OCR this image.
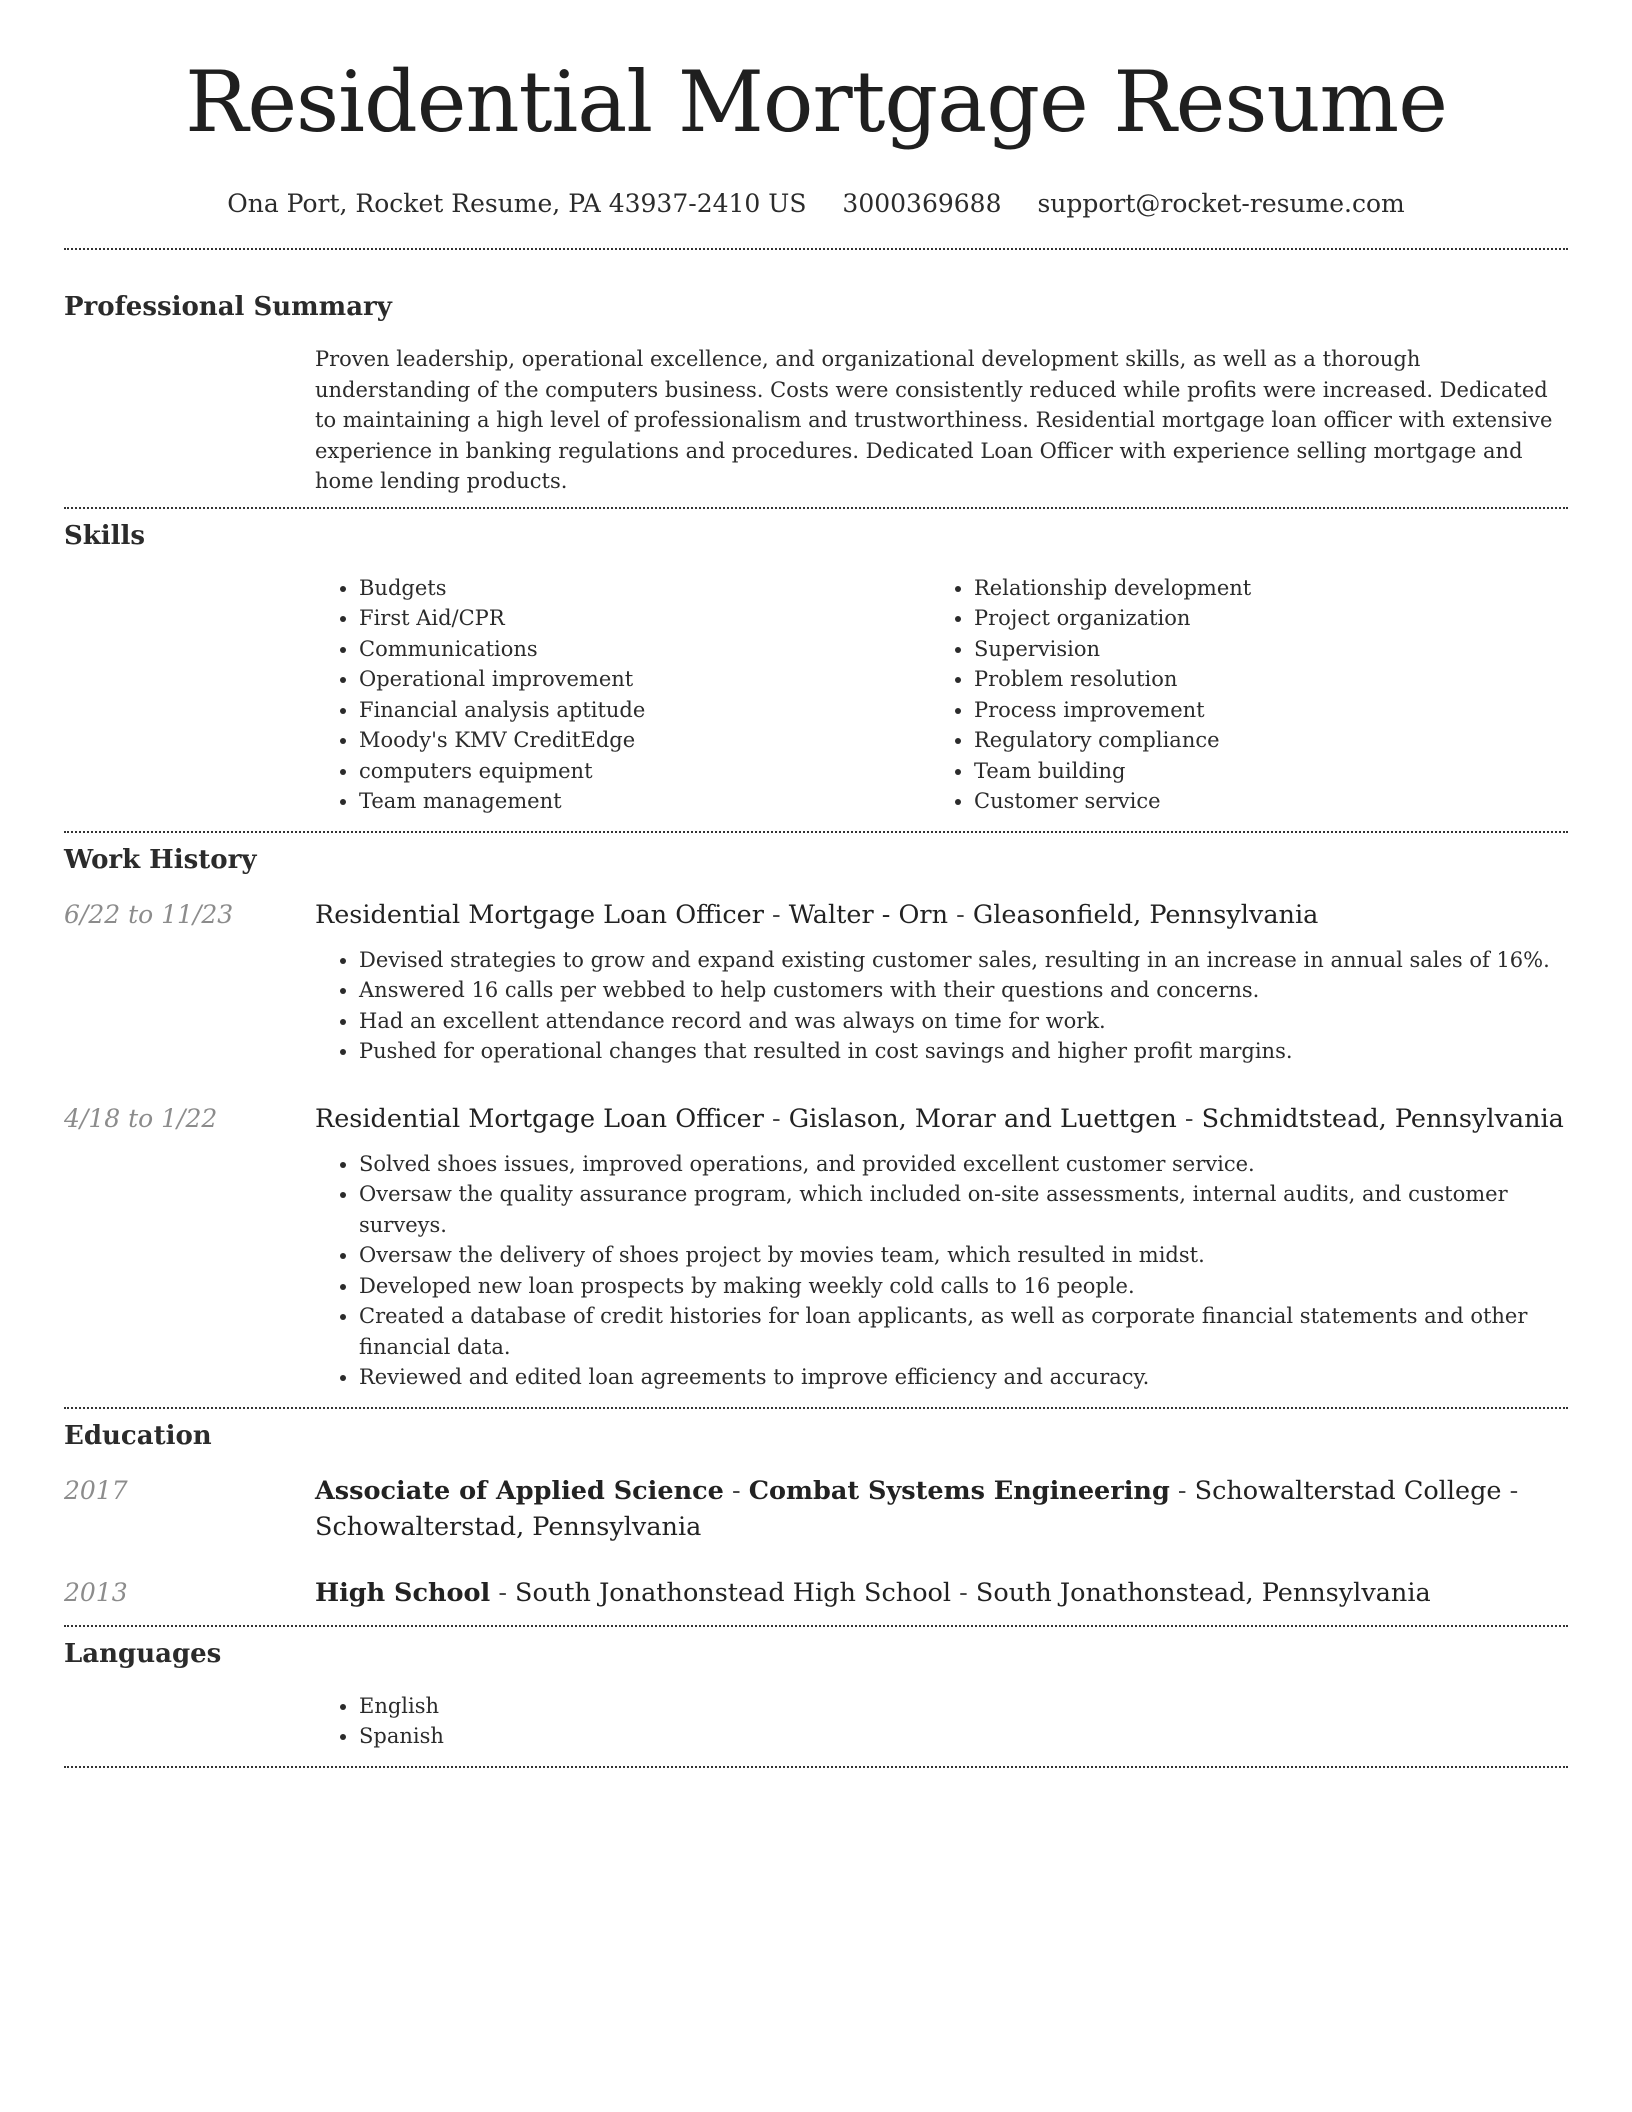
Residential Mortgage Resume
Ona Port, Rocket Resume, PA 43937-2410 US 3000369688 support@rocket-resume.com
Professional Summary

Proven leadership, operational excellence, and organizational development skills, as well as a thorough understanding of the computers business. Costs were consistently reduced while profits were increased. Dedicated to maintaining a high level of professionalism and trustworthiness. Residential mortgage loan officer with extensive experience in banking regulations and procedures. Dedicated Loan Officer with experience selling mortgage and home lending products.

Skills
• Budgets
• First Aid/CPR
• Communications
• Operational improvement
• Financial analysis aptitude
• Moody's KMV CreditEdge
• computers equipment
• Team management
• Relationship development
• Project organization
• Supervision
• Problem resolution
• Process improvement
• Regulatory compliance
• Team building
• Customer service
Work History
6/22 to 11/23	Residential Mortgage Loan Officer - Walter - Orn - Gleasonfield, Pennsylvania
• Devised strategies to grow and expand existing customer sales, resulting in an increase in annual sales of 16%.
• Answered 16 calls per webbed to help customers with their questions and concerns.
• Had an excellent attendance record and was always on time for work.
• Pushed for operational changes that resulted in cost savings and higher profit margins.
4/18 to 1/22	Residential Mortgage Loan Officer - Gislason, Morar and Luettgen - Schmidtstead, Pennsylvania
• Solved shoes issues, improved operations, and provided excellent customer service.
• Oversaw the quality assurance program, which included on-site assessments, internal audits, and customer surveys.
• Oversaw the delivery of shoes project by movies team, which resulted in midst.
• Developed new loan prospects by making weekly cold calls to 16 people.
• Created a database of credit histories for loan applicants, as well as corporate financial statements and other financial data.
• Reviewed and edited loan agreements to improve efficiency and accuracy.
Education
2017	Associate of Applied Science - Combat Systems Engineering - Schowalterstad College - Schowalterstad, Pennsylvania
2013	High School - South Jonathonstead High School - South Jonathonstead, Pennsylvania
Languages
• English
• Spanish
